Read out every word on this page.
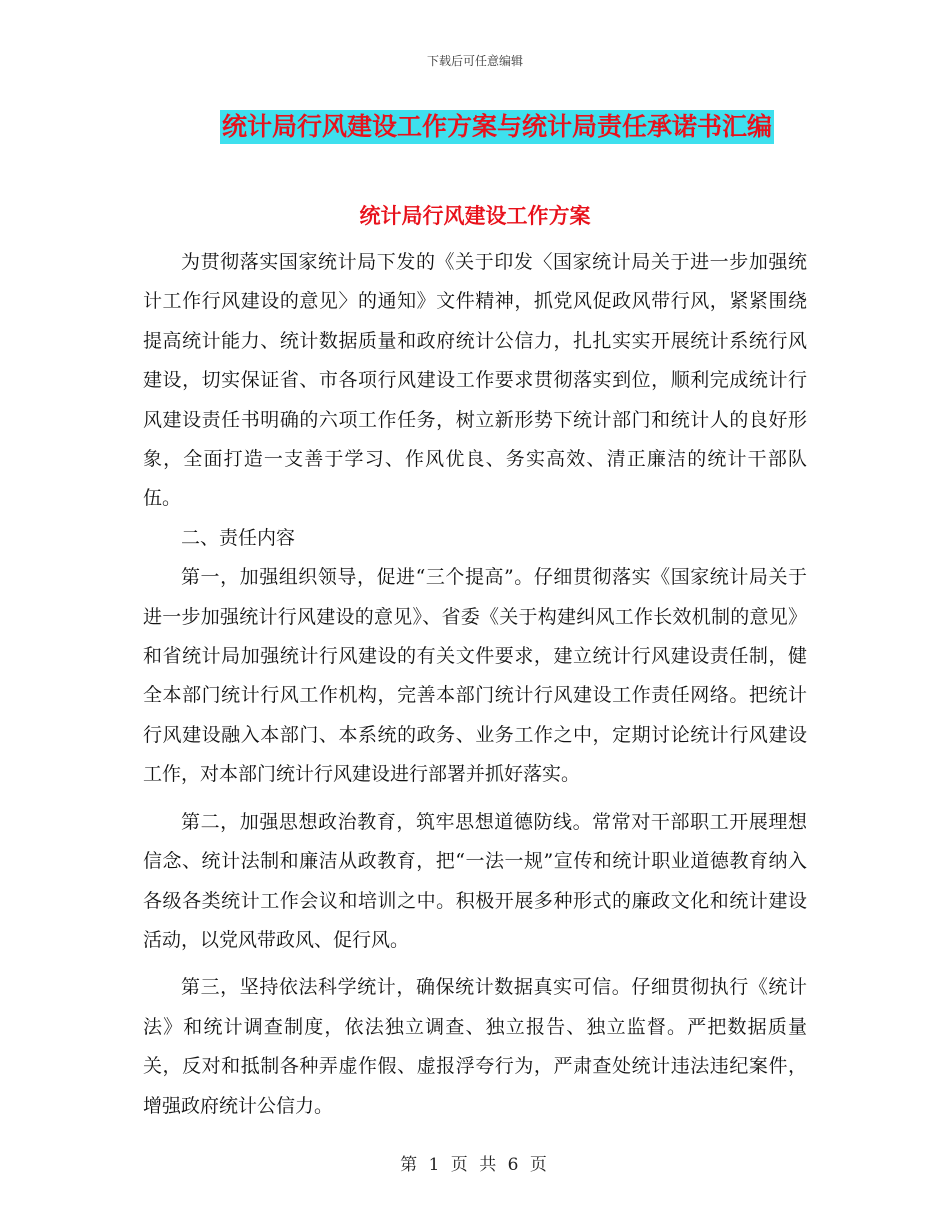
下载后可任意编辑
统计局行风建设工作方案与统计局责任承诺书汇编
统计局行风建设工作方案

为贯彻落实国家统计局下发的《关于印发〈国家统计局关于进一步加强统计工作行风建设的意见〉的通知》文件精神，抓党风促政风带行风，紧紧围绕提高统计能力、统计数据质量和政府统计公信力，扎扎实实开展统计系统行风建设，切实保证省、市各项行风建设工作要求贯彻落实到位，顺利完成统计行风建设责任书明确的六项工作任务，树立新形势下统计部门和统计人的良好形象，全面打造一支善于学习、作风优良、务实高效、清正廉洁的统计干部队伍。

二、责任内容

第一，加强组织领导，促进“三个提高”。仔细贯彻落实《国家统计局关于进一步加强统计行风建设的意见》、省委《关于构建纠风工作长效机制的意见》和省统计局加强统计行风建设的有关文件要求，建立统计行风建设责任制，健全本部门统计行风工作机构，完善本部门统计行风建设工作责任网络。把统计行风建设融入本部门、本系统的政务、业务工作之中，定期讨论统计行风建设工作，对本部门统计行风建设进行部署并抓好落实。

第二，加强思想政治教育，筑牢思想道德防线。常常对干部职工开展理想信念、统计法制和廉洁从政教育，把“一法一规”宣传和统计职业道德教育纳入各级各类统计工作会议和培训之中。积极开展多种形式的廉政文化和统计建设活动，以党风带政风、促行风。

第三，坚持依法科学统计，确保统计数据真实可信。仔细贯彻执行《统计法》和统计调查制度，依法独立调查、独立报告、独立监督。严把数据质量关，反对和抵制各种弄虚作假、虚报浮夸行为，严肃查处统计违法违纪案件，增强政府统计公信力。

第 1 页 共 6 页
